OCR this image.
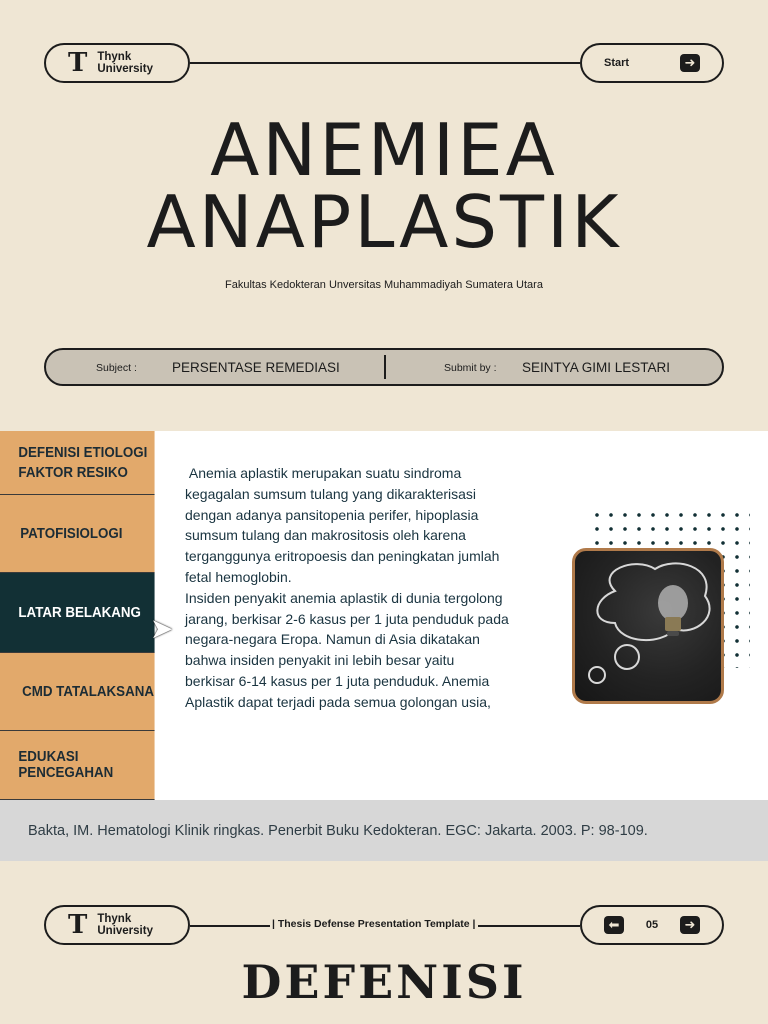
T Thynk
University	Start	➜
ANEMIEA
ANAPLASTIK
Fakultas Kedokteran Unversitas Muhammadiyah Sumatera Utara
Subject :	PERSENTASE REMEDIASI	Submit by : SEINTYA GIMI LESTARI
DEFENISI ETIOLOGI
FAKTOR RESIKO
PATOFISIOLOGI
LATAR BELAKANG
CMD TATALAKSANA
EDUKASI PENCEGAHAN
➤
Anemia aplastik merupakan suatu sindroma
kegagalan sumsum tulang yang dikarakterisasi
dengan adanya pansitopenia perifer, hipoplasia
sumsum tulang dan makrositosis oleh karena
terganggunya eritropoesis dan peningkatan jumlah
fetal hemoglobin.
Insiden penyakit anemia aplastik di dunia tergolong
jarang, berkisar 2-6 kasus per 1 juta penduduk pada
negara-negara Eropa. Namun di Asia dikatakan
bahwa insiden penyakit ini lebih besar yaitu
berkisar 6-14 kasus per 1 juta penduduk. Anemia
Aplastik dapat terjadi pada semua golongan usia,
Bakta, IM. Hematologi Klinik ringkas. Penerbit Buku Kedokteran. EGC: Jakarta. 2003. P: 98-109.
T Thynk
University
| Thesis Defense Presentation Template |	⬅	05	➜
DEFENISI
